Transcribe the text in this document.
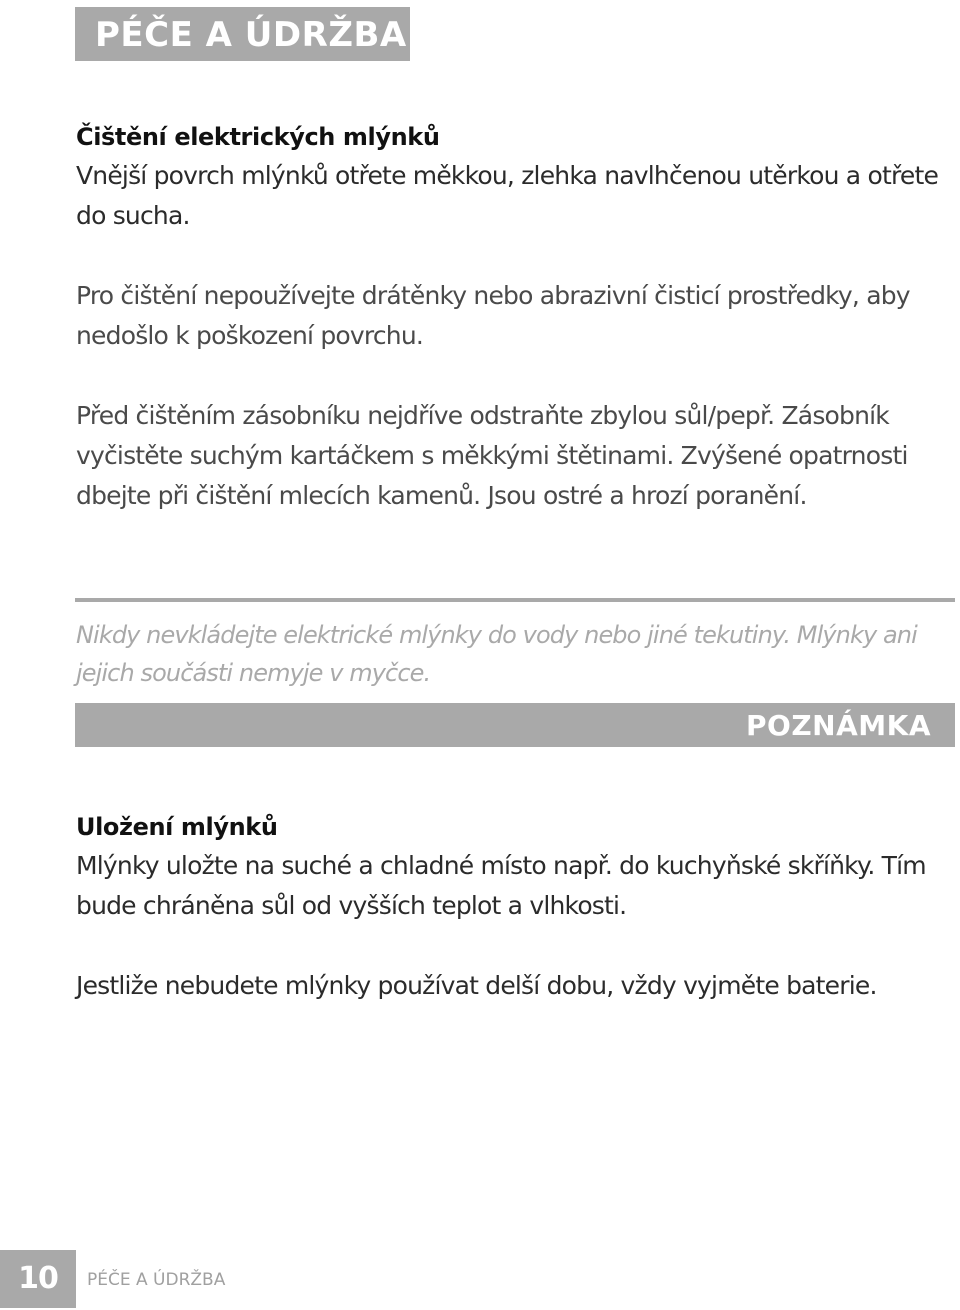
PÉČE A ÚDRŽBA
Čištění elektrických mlýnků

Vnější povrch mlýnků otřete měkkou, zlehka navlhčenou utěrkou a otřete do sucha.

Pro čištění nepoužívejte drátěnky nebo abrazivní čisticí prostředky, aby nedošlo k poškození povrchu.

Před čištěním zásobníku nejdříve odstraňte zbylou sůl/pepř. Zásobník vyčistěte suchým kartáčkem s měkkými štětinami. Zvýšené opatrnosti dbejte při čištění mlecích kamenů. Jsou ostré a hrozí poranění.

Nikdy nevkládejte elektrické mlýnky do vody nebo jiné tekutiny. Mlýnky ani jejich součásti nemyje v myčce.

POZNÁMKA
Uložení mlýnků

Mlýnky uložte na suché a chladné místo např. do kuchyňské skříňky. Tím bude chráněna sůl od vyšších teplot a vlhkosti.

Jestliže nebudete mlýnky používat delší dobu, vždy vyjměte baterie.

10	PÉČE A ÚDRŽBA
